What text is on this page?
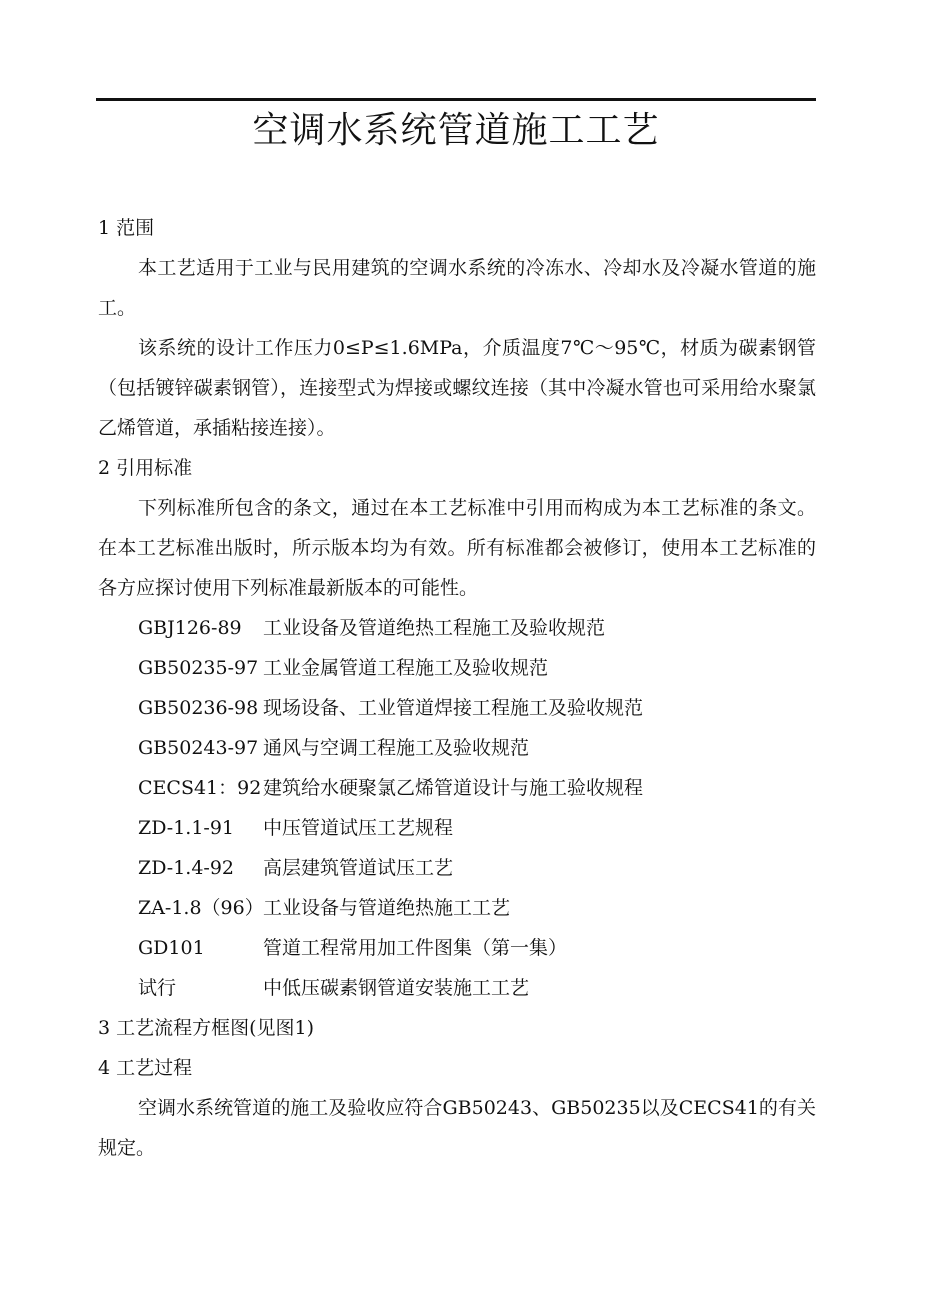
空调水系统管道施工工艺

1 范围

本工艺适用于工业与民用建筑的空调水系统的冷冻水、冷却水及冷凝水管道的施工。

该系统的设计工作压力0≤P≤1.6MPa，介质温度7℃～95℃，材质为碳素钢管（包括镀锌碳素钢管），连接型式为焊接或螺纹连接（其中冷凝水管也可采用给水聚氯乙烯管道，承插粘接连接）。

2 引用标准

下列标准所包含的条文，通过在本工艺标准中引用而构成为本工艺标准的条文。在本工艺标准出版时，所示版本均为有效。所有标准都会被修订，使用本工艺标准的各方应探讨使用下列标准最新版本的可能性。

GBJ126-89 工业设备及管道绝热工程施工及验收规范
GB50235-97 工业金属管道工程施工及验收规范
GB50236-98 现场设备、工业管道焊接工程施工及验收规范
GB50243-97 通风与空调工程施工及验收规范
CECS41：92建筑给水硬聚氯乙烯管道设计与施工验收规程
ZD-1.1-91 中压管道试压工艺规程
ZD-1.4-92 高层建筑管道试压工艺
ZA-1.8（96）工业设备与管道绝热施工工艺
GD101	管道工程常用加工件图集（第一集）
试行	中低压碳素钢管道安装施工工艺

3 工艺流程方框图(见图1)

4 工艺过程

空调水系统管道的施工及验收应符合GB50243、GB50235以及CECS41的有关规定。
